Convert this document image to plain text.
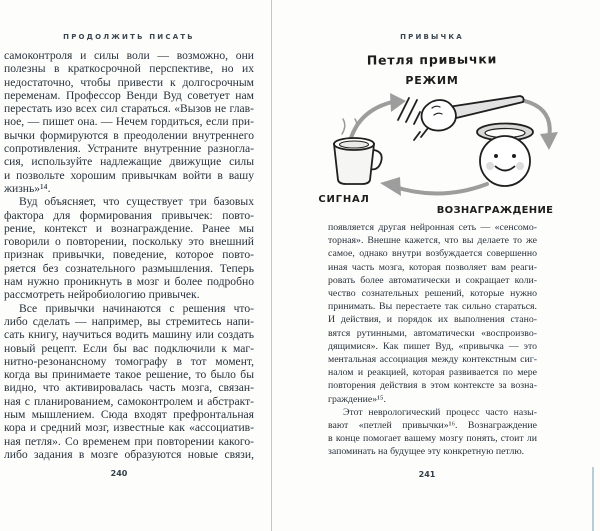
ПРОДОЛЖИТЬ ПИСАТЬ
самоконтроля и силы воли — возможно, они
полезны в краткосрочной перспективе, но их
недостаточно, чтобы привести к долгосрочным
переменам. Профессор Венди Вуд советует нам
перестать изо всех сил стараться. «Вызов не глав-
ное, — пишет она. — Нечем гордиться, если при-
вычки формируются в преодолении внутреннего
сопротивления. Устраните внутренние разногла-
сия, используйте надлежащие движущие силы
и позвольте хорошим привычкам войти в вашу
жизнь»¹⁴.
Вуд объясняет, что существует три базовых
фактора для формирования привычек: повто-
рение, контекст и вознаграждение. Ранее мы
говорили о повторении, поскольку это внешний
признак привычки, поведение, которое повто-
ряется без сознательного размышления. Теперь
нам нужно проникнуть в мозг и более подробно
рассмотреть нейробиологию привычек.
Все привычки начинаются с решения что-
либо сделать — например, вы стремитесь напи-
сать книгу, научиться водить машину или создать
новый рецепт. Если бы вас подключили к маг-
нитно-резонансному томографу в тот момент,
когда вы принимаете такое решение, то было бы
видно, что активировалась часть мозга, связан-
ная с планированием, самоконтролем и абстракт-
ным мышлением. Сюда входят префронтальная
кора и средний мозг, известные как «ассоциатив-
ная петля». Со временем при повторении какого-
либо задания в мозге образуются новые связи,
240
ПРИВЫЧКА
Петля привычки
РЕЖИМ
СИГНАЛ
ВОЗНАГРАЖДЕНИЕ
появляется другая нейронная сеть — «сенсомо-
торная». Внешне кажется, что вы делаете то же
самое, однако внутри возбуждается совершенно
иная часть мозга, которая позволяет вам реаги-
ровать более автоматически и сокращает коли-
чество сознательных решений, которые нужно
принимать. Вы перестаете так сильно стараться.
И действия, и порядок их выполнения стано-
вятся рутинными, автоматически «воспроизво-
дящимися». Как пишет Вуд, «привычка — это
ментальная ассоциация между контекстным сиг-
налом и реакцией, которая развивается по мере
повторения действия в этом контексте за возна-
граждение»¹⁵.
Этот неврологический процесс часто назы-
вают «петлей привычки»¹⁶. Вознаграждение
в конце помогает вашему мозгу понять, стоит ли
запоминать на будущее эту конкретную петлю.
241
